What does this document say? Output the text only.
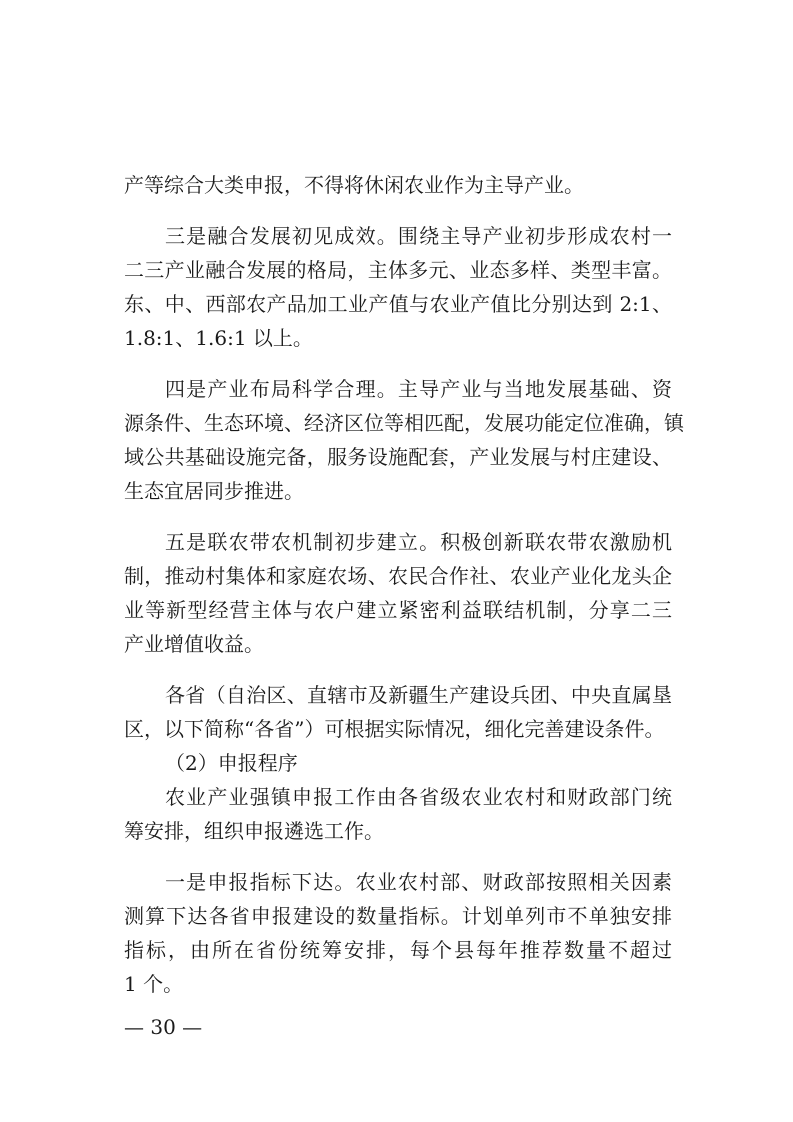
产等综合大类申报，不得将休闲农业作为主导产业。
三是融合发展初见成效。围绕主导产业初步形成农村一
二三产业融合发展的格局，主体多元、业态多样、类型丰富。
东、中、西部农产品加工业产值与农业产值比分别达到 2:1、
1.8:1、1.6:1 以上。
四是产业布局科学合理。主导产业与当地发展基础、资
源条件、生态环境、经济区位等相匹配，发展功能定位准确，镇
域公共基础设施完备，服务设施配套，产业发展与村庄建设、
生态宜居同步推进。
五是联农带农机制初步建立。积极创新联农带农激励机
制，推动村集体和家庭农场、农民合作社、农业产业化龙头企
业等新型经营主体与农户建立紧密利益联结机制，分享二三
产业增值收益。
各省（自治区、直辖市及新疆生产建设兵团、中央直属垦
区，以下简称“各省”）可根据实际情况，细化完善建设条件。
（2）申报程序
农业产业强镇申报工作由各省级农业农村和财政部门统
筹安排，组织申报遴选工作。
一是申报指标下达。农业农村部、财政部按照相关因素
测算下达各省申报建设的数量指标。计划单列市不单独安排
指标，由所在省份统筹安排，每个县每年推荐数量不超过
1 个。
— 30 —
